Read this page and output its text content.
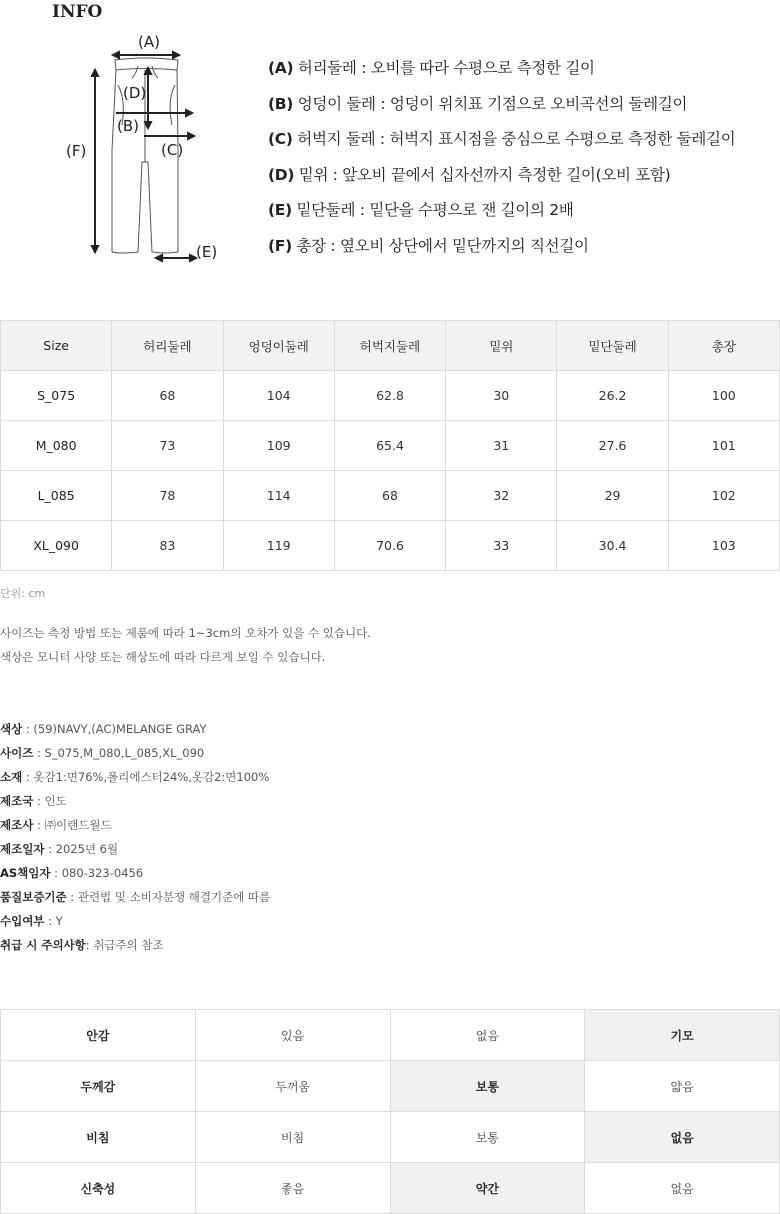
INFO
(A)
(F)
(D)
(B)
(C)
(E)
(A) 허리둘레 : 오비를 따라 수평으로 측정한 길이
(B) 엉덩이 둘레 : 엉덩이 위치표 기점으로 오비곡선의 둘레길이
(C) 허벅지 둘레 : 허벅지 표시점을 중심으로 수평으로 측정한 둘레길이
(D) 밑위 : 앞오비 끝에서 십자선까지 측정한 길이(오비 포함)
(E) 밑단둘레 : 밑단을 수평으로 잰 길이의 2배
(F) 총장 : 옆오비 상단에서 밑단까지의 직선길이
Size	허리둘레	엉덩이둘레	허벅지둘레	밑위	밑단둘레	총장
S_075	68	104	62.8	30	26.2	100
M_080	73	109	65.4	31	27.6	101
L_085	78	114	68	32	29	102
XL_090	83	119	70.6	33	30.4	103
단위: cm
사이즈는 측정 방법 또는 제품에 따라 1~3cm의 오차가 있을 수 있습니다.
색상은 모니터 사양 또는 해상도에 따라 다르게 보일 수 있습니다.
색상 : (59)NAVY,(AC)MELANGE GRAY
사이즈 : S_075,M_080,L_085,XL_090
소재 : 옷감1:면76%,폴리에스터24%,옷감2:면100%
제조국 : 인도
제조사 : ㈜이랜드월드
제조일자 : 2025년 6월
AS책임자 : 080-323-0456
품질보증기준 : 관련법 및 소비자분쟁 해결기준에 따름
수입여부 : Y
취급 시 주의사항: 취급주의 참조
안감	있음	없음	기모
두께감	두꺼움	보통	얇음
비침	비침	보통	없음
신축성	좋음	약간	없음
